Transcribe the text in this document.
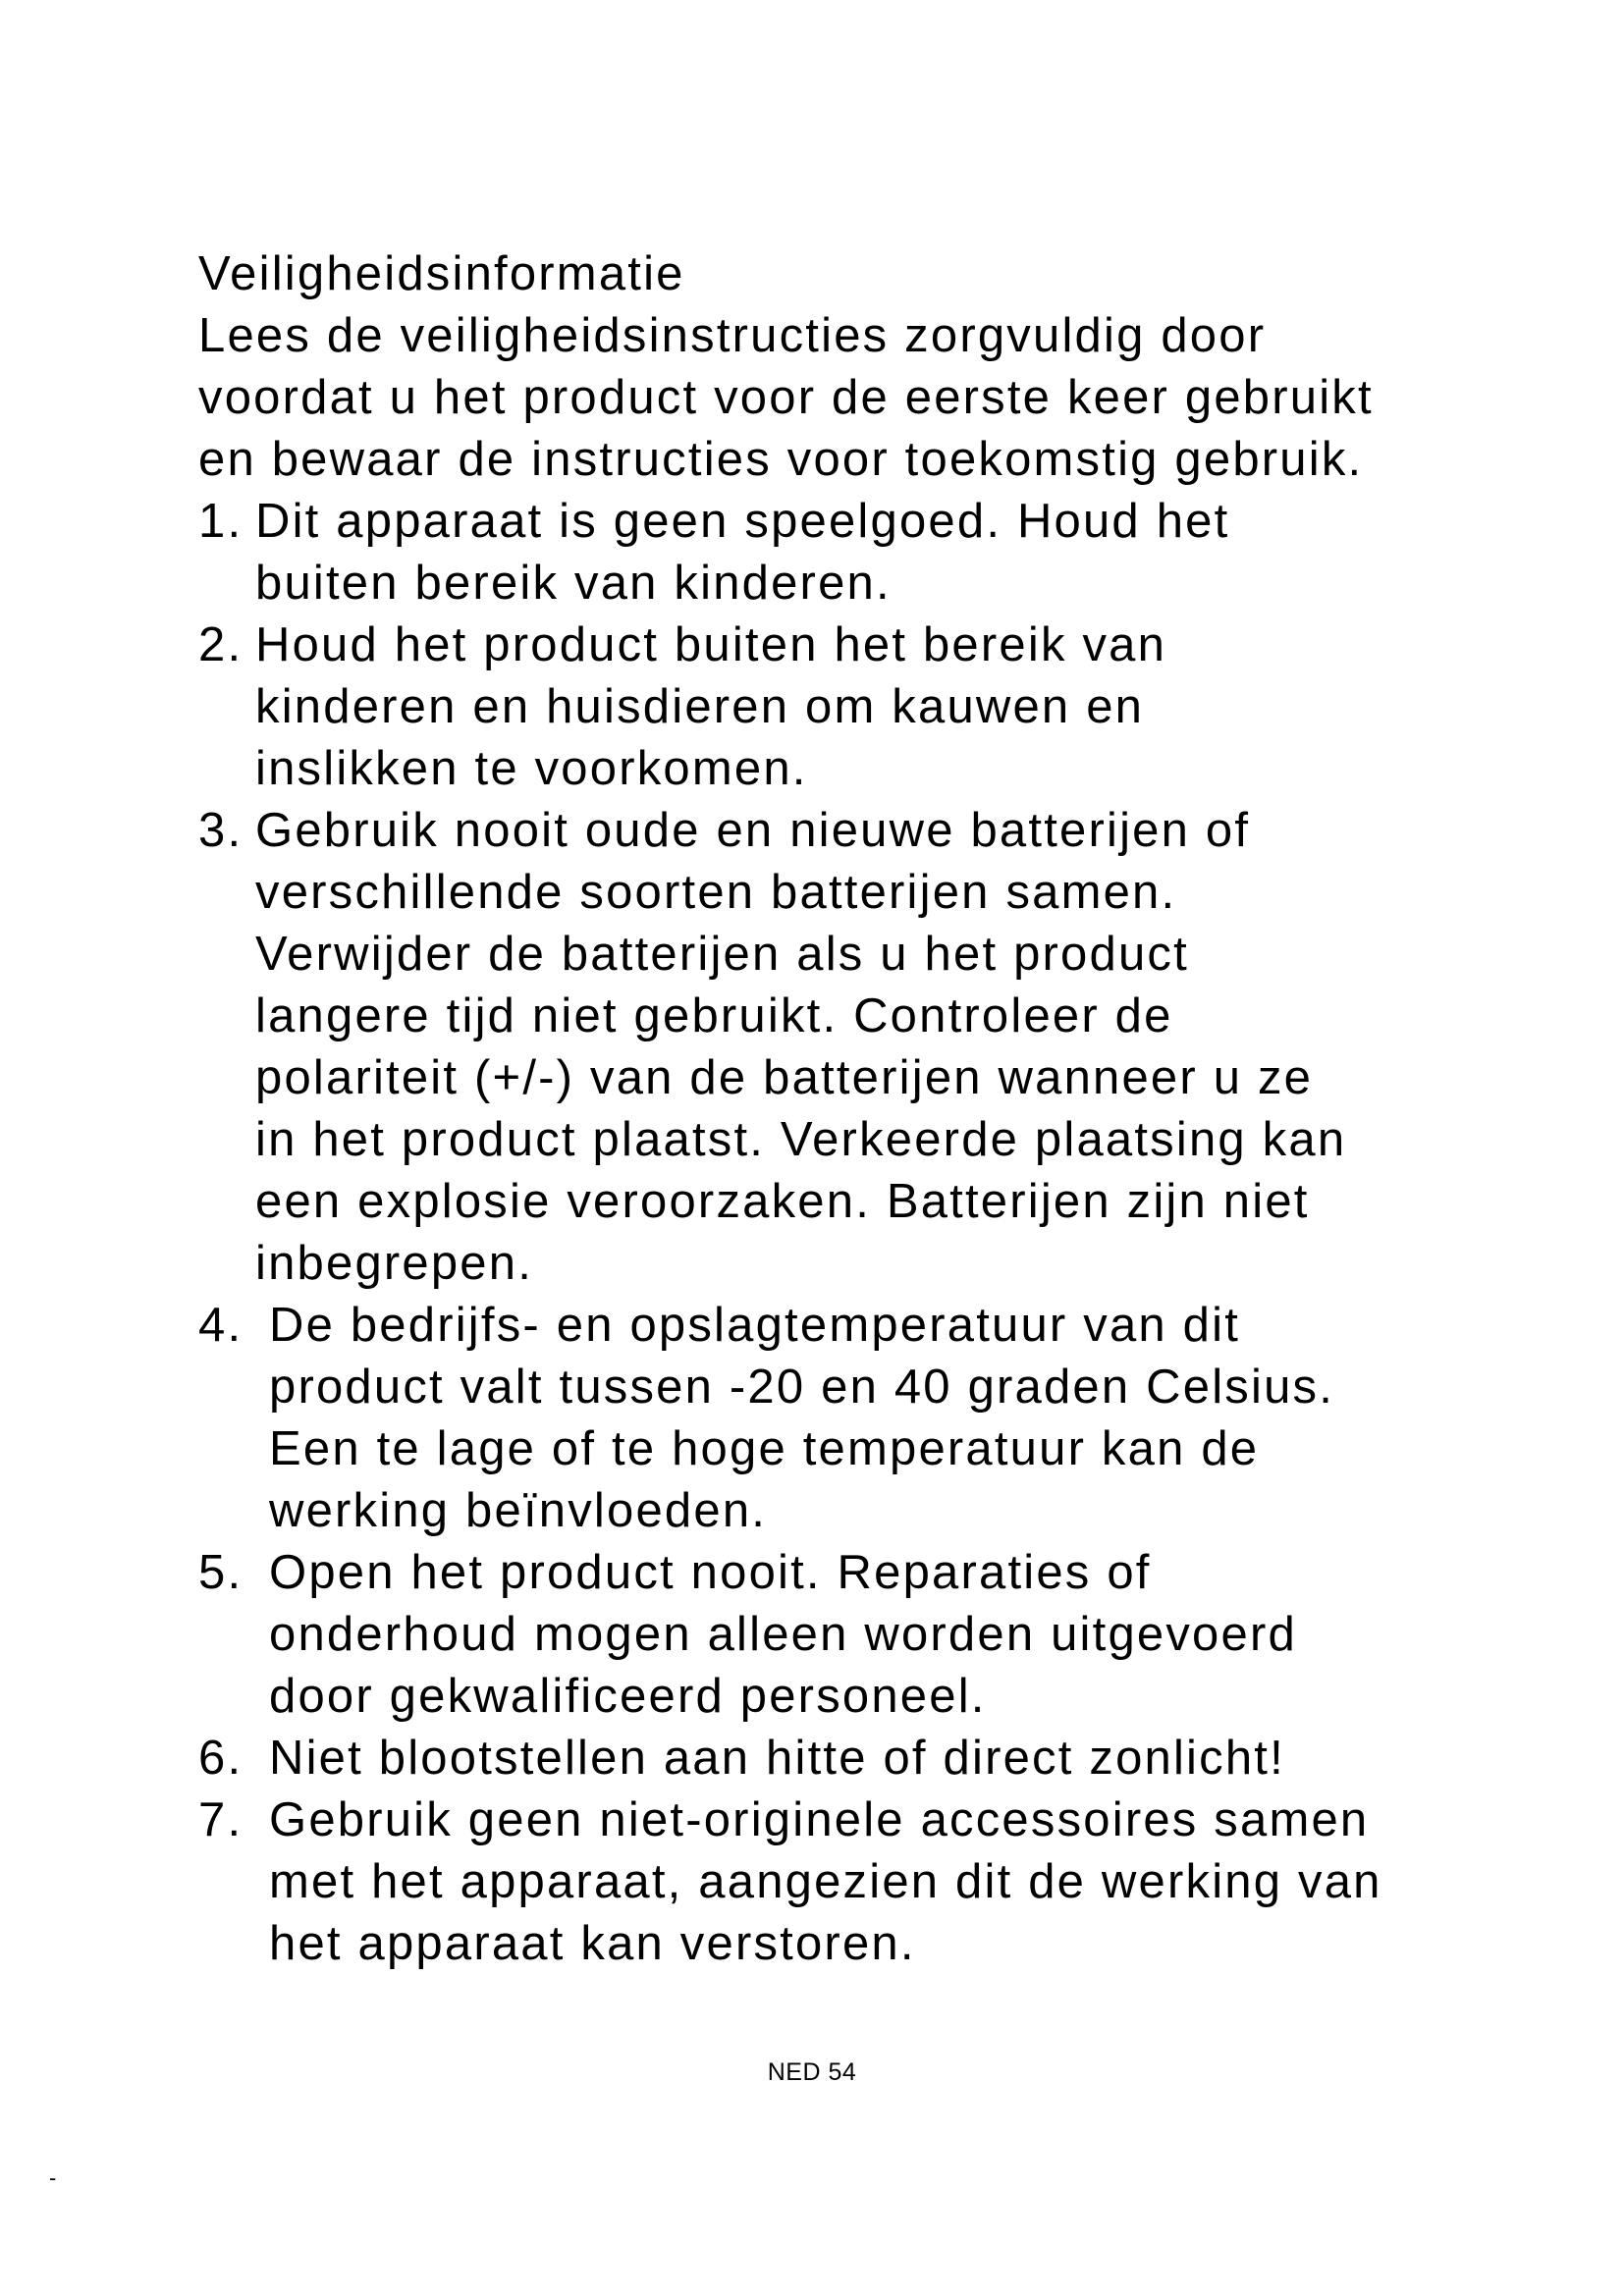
Veiligheidsinformatie
Lees de veiligheidsinstructies zorgvuldig door
voordat u het product voor de eerste keer gebruikt
en bewaar de instructies voor toekomstig gebruik.
1. Dit apparaat is geen speelgoed. Houd het
buiten bereik van kinderen.
2. Houd het product buiten het bereik van
kinderen en huisdieren om kauwen en
inslikken te voorkomen.
3. Gebruik nooit oude en nieuwe batterijen of
verschillende soorten batterijen samen.
Verwijder de batterijen als u het product
langere tijd niet gebruikt. Controleer de
polariteit (+/-) van de batterijen wanneer u ze
in het product plaatst. Verkeerde plaatsing kan
een explosie veroorzaken. Batterijen zijn niet
inbegrepen.
4. De bedrijfs- en opslagtemperatuur van dit
product valt tussen -20 en 40 graden Celsius.
Een te lage of te hoge temperatuur kan de
werking beïnvloeden.
5. Open het product nooit. Reparaties of
onderhoud mogen alleen worden uitgevoerd
door gekwalificeerd personeel.
6. Niet blootstellen aan hitte of direct zonlicht!
7. Gebruik geen niet-originele accessoires samen
met het apparaat, aangezien dit de werking van
het apparaat kan verstoren.
NED 54
-
